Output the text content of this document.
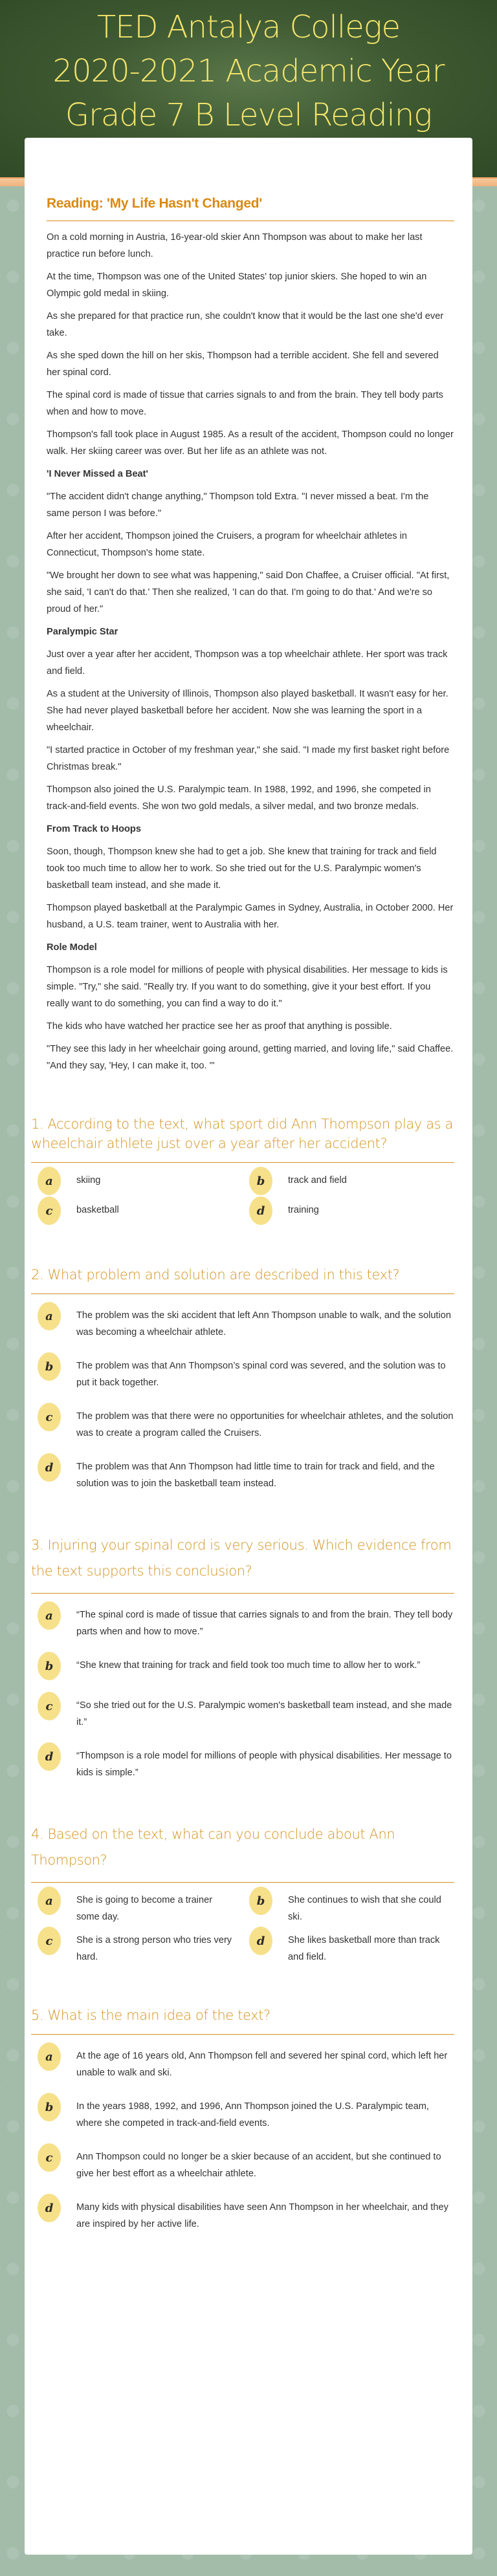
TED Antalya College
2020-2021 Academic Year
Grade 7 B Level Reading
Reading: 'My Life Hasn't Changed'

On a cold morning in Austria, 16-year-old skier Ann Thompson was about to make her last practice run before lunch.

At the time, Thompson was one of the United States' top junior skiers. She hoped to win an Olympic gold medal in skiing.

As she prepared for that practice run, she couldn't know that it would be the last one she'd ever take.

As she sped down the hill on her skis, Thompson had a terrible accident. She fell and severed her spinal cord.

The spinal cord is made of tissue that carries signals to and from the brain. They tell body parts when and how to move.

Thompson's fall took place in August 1985. As a result of the accident, Thompson could no longer walk. Her skiing career was over. But her life as an athlete was not.

'I Never Missed a Beat'

"The accident didn't change anything," Thompson told Extra. "I never missed a beat. I'm the same person I was before."

After her accident, Thompson joined the Cruisers, a program for wheelchair athletes in Connecticut, Thompson's home state.

"We brought her down to see what was happening," said Don Chaffee, a Cruiser official. "At first, she said, 'I can't do that.' Then she realized, 'I can do that. I'm going to do that.' And we're so proud of her."

Paralympic Star

Just over a year after her accident, Thompson was a top wheelchair athlete. Her sport was track and field.

As a student at the University of Illinois, Thompson also played basketball. It wasn't easy for her. She had never played basketball before her accident. Now she was learning the sport in a wheelchair.

"I started practice in October of my freshman year," she said. "I made my first basket right before Christmas break."

Thompson also joined the U.S. Paralympic team. In 1988, 1992, and 1996, she competed in track-and-field events. She won two gold medals, a silver medal, and two bronze medals.

From Track to Hoops

Soon, though, Thompson knew she had to get a job. She knew that training for track and field took too much time to allow her to work. So she tried out for the U.S. Paralympic women's basketball team instead, and she made it.

Thompson played basketball at the Paralympic Games in Sydney, Australia, in October 2000. Her husband, a U.S. team trainer, went to Australia with her.

Role Model

Thompson is a role model for millions of people with physical disabilities. Her message to kids is simple. "Try," she said. "Really try. If you want to do something, give it your best effort. If you really want to do something, you can find a way to do it."

The kids who have watched her practice see her as proof that anything is possible.

"They see this lady in her wheelchair going around, getting married, and loving life," said Chaffee. "And they say, 'Hey, I can make it, too. '"

1. According to the text, what sport did Ann Thompson play as a wheelchair athlete just over a year after her accident?
a	skiing	b	track and field
c	basketball	d	training
2. What problem and solution are described in this text?
a	The problem was the ski accident that left Ann Thompson unable to walk, and the solution was becoming a wheelchair athlete.
b	The problem was that Ann Thompson’s spinal cord was severed, and the solution was to put it back together.
c	The problem was that there were no opportunities for wheelchair athletes, and the solution was to create a program called the Cruisers.
d	The problem was that Ann Thompson had little time to train for track and field, and the solution was to join the basketball team instead.
3. Injuring your spinal cord is very serious. Which evidence from the text supports this conclusion?
a	“The spinal cord is made of tissue that carries signals to and from the brain. They tell body parts when and how to move.”
b	“She knew that training for track and field took too much time to allow her to work.”
c	“So she tried out for the U.S. Paralympic women's basketball team instead, and she made it.”
d	“Thompson is a role model for millions of people with physical disabilities. Her message to kids is simple.”
4. Based on the text, what can you conclude about Ann Thompson?
a	She is going to become a trainer some day.
b	She continues to wish that she could ski.
c	She is a strong person who tries very hard.
d	She likes basketball more than track and field.
5. What is the main idea of the text?
a	At the age of 16 years old, Ann Thompson fell and severed her spinal cord, which left her unable to walk and ski.
b	In the years 1988, 1992, and 1996, Ann Thompson joined the U.S. Paralympic team, where she competed in track-and-field events.
c	Ann Thompson could no longer be a skier because of an accident, but she continued to give her best effort as a wheelchair athlete.
d	Many kids with physical disabilities have seen Ann Thompson in her wheelchair, and they are inspired by her active life.
